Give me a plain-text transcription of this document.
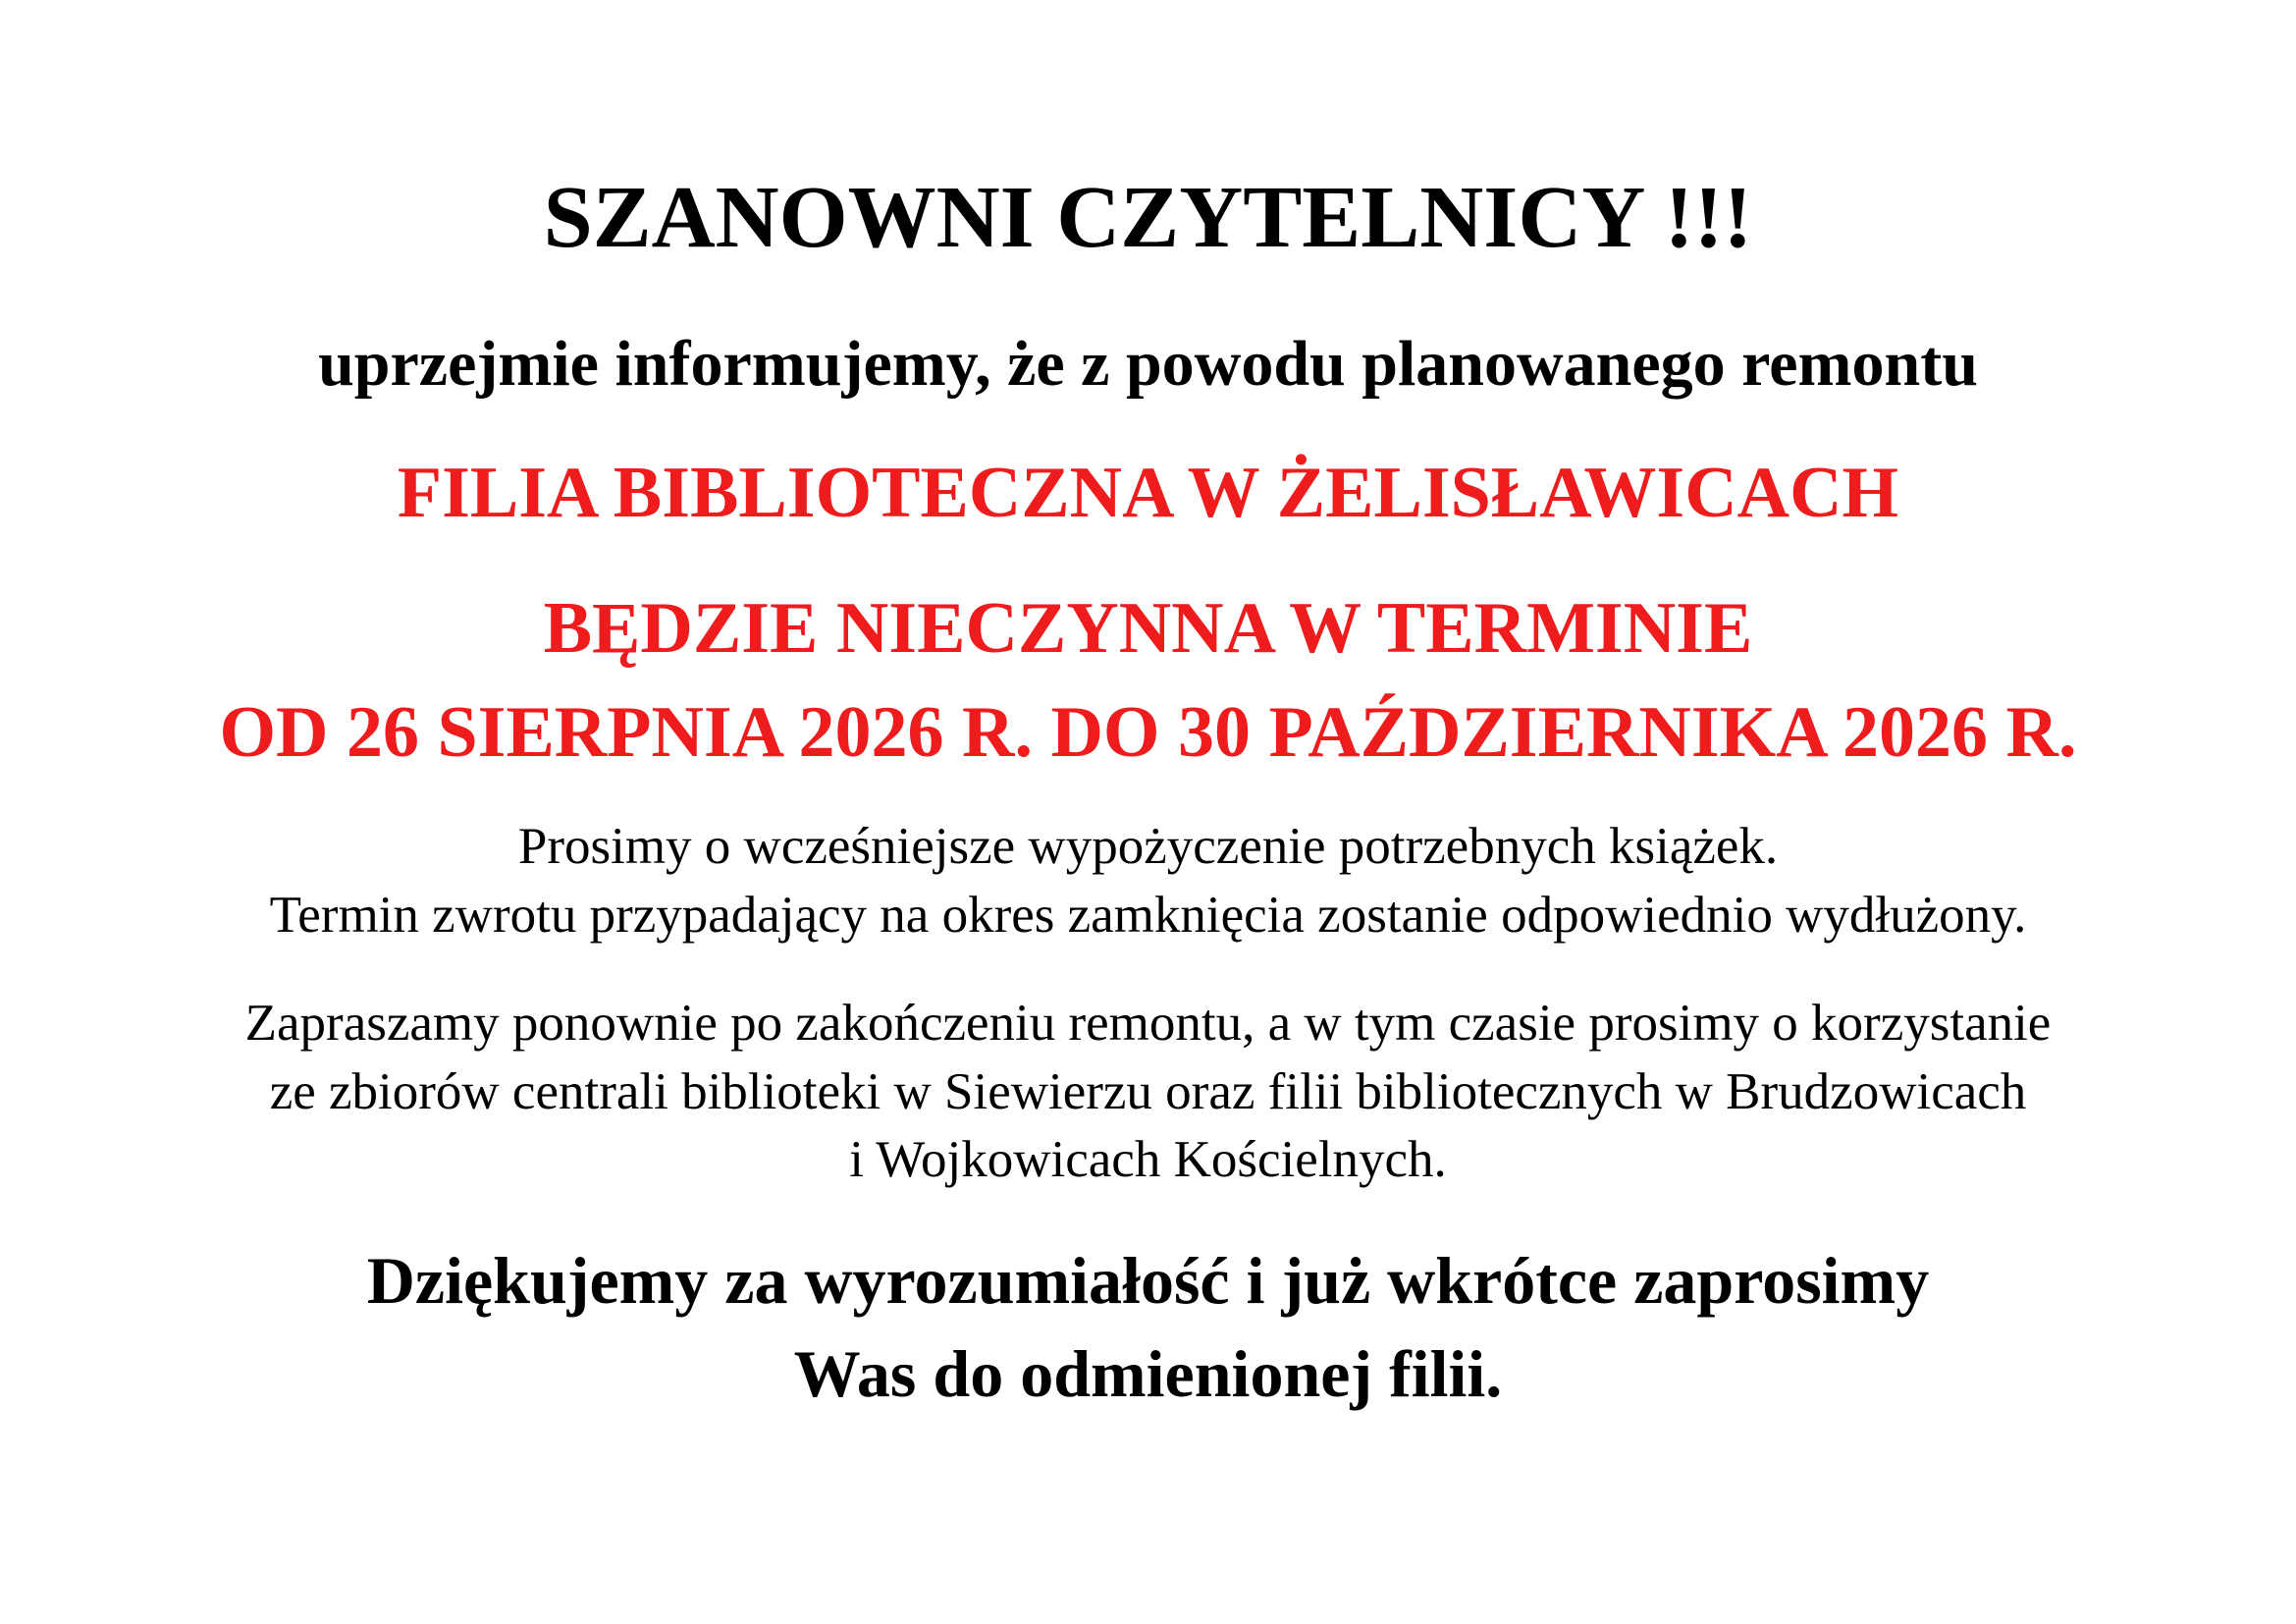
SZANOWNI CZYTELNICY !!!
uprzejmie informujemy, że z powodu planowanego remontu
FILIA BIBLIOTECZNA W ŻELISŁAWICACH
BĘDZIE NIECZYNNA W TERMINIE
OD 26 SIERPNIA 2026 R. DO 30 PAŹDZIERNIKA 2026 R.
Prosimy o wcześniejsze wypożyczenie potrzebnych książek.
Termin zwrotu przypadający na okres zamknięcia zostanie odpowiednio wydłużony.
Zapraszamy ponownie po zakończeniu remontu, a w tym czasie prosimy o korzystanie
ze zbiorów centrali biblioteki w Siewierzu oraz filii bibliotecznych w Brudzowicach
i Wojkowicach Kościelnych.
Dziękujemy za wyrozumiałość i już wkrótce zaprosimy
Was do odmienionej filii.
